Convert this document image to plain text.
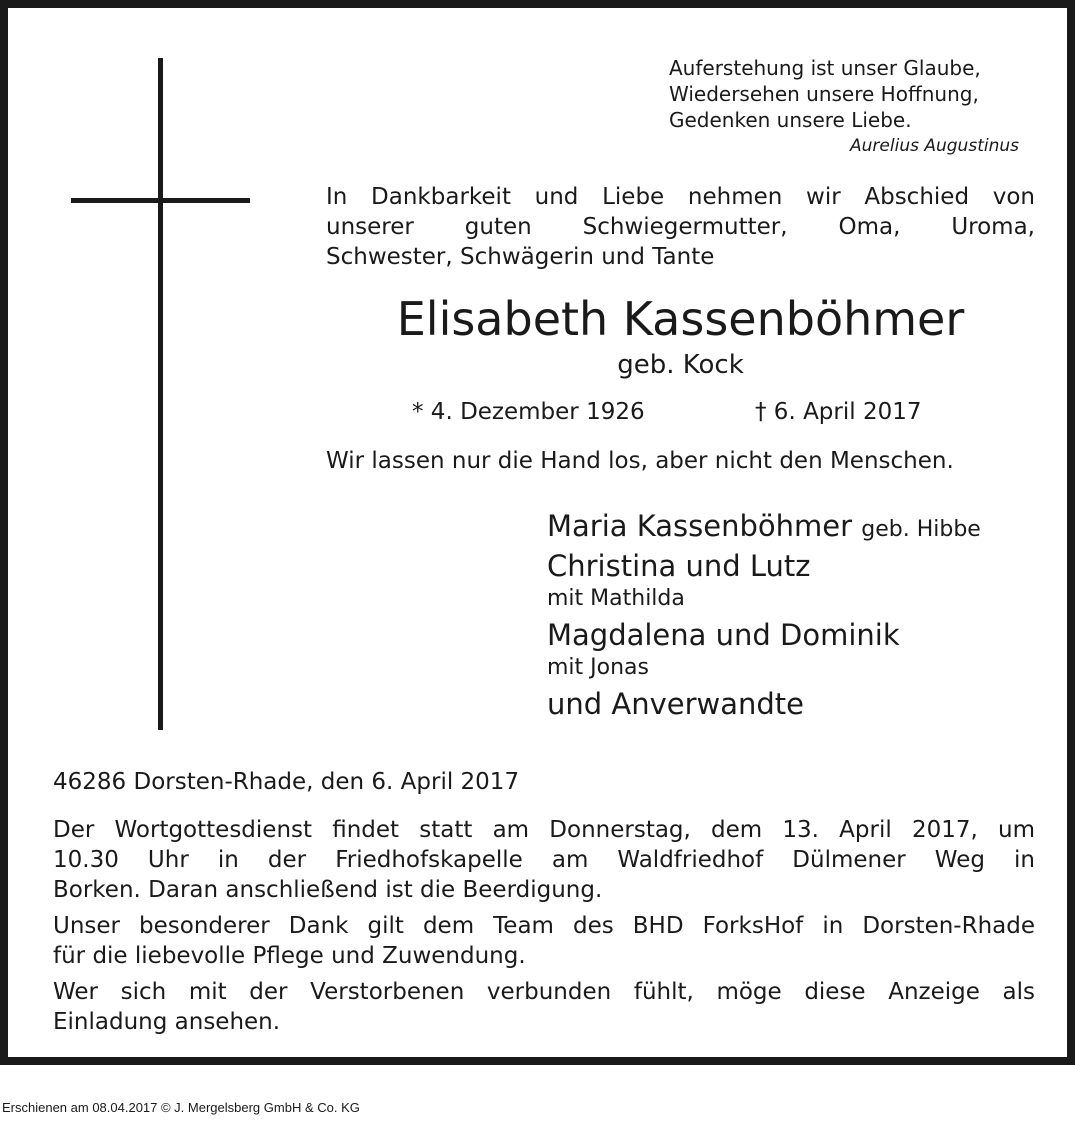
Auferstehung ist unser Glaube,
Wiedersehen unsere Hoffnung,
Gedenken unsere Liebe.
Aurelius Augustinus
In Dankbarkeit und Liebe nehmen wir Abschied von
unserer guten Schwiegermutter, Oma, Uroma,
Schwester, Schwägerin und Tante
Elisabeth Kassenböhmer
geb. Kock
* 4. Dezember 1926	† 6. April 2017
Wir lassen nur die Hand los, aber nicht den Menschen.
Maria Kassenböhmer geb. Hibbe
Christina und Lutz
mit Mathilda
Magdalena und Dominik
mit Jonas
und Anverwandte
46286 Dorsten-Rhade, den 6. April 2017
Der Wortgottesdienst findet statt am Donnerstag, dem 13. April 2017, um
10.30 Uhr in der Friedhofskapelle am Waldfriedhof Dülmener Weg in
Borken. Daran anschließend ist die Beerdigung.
Unser besonderer Dank gilt dem Team des BHD ForksHof in Dorsten-Rhade
für die liebevolle Pflege und Zuwendung.
Wer sich mit der Verstorbenen verbunden fühlt, möge diese Anzeige als
Einladung ansehen.
Erschienen am 08.04.2017 © J. Mergelsberg GmbH & Co. KG
